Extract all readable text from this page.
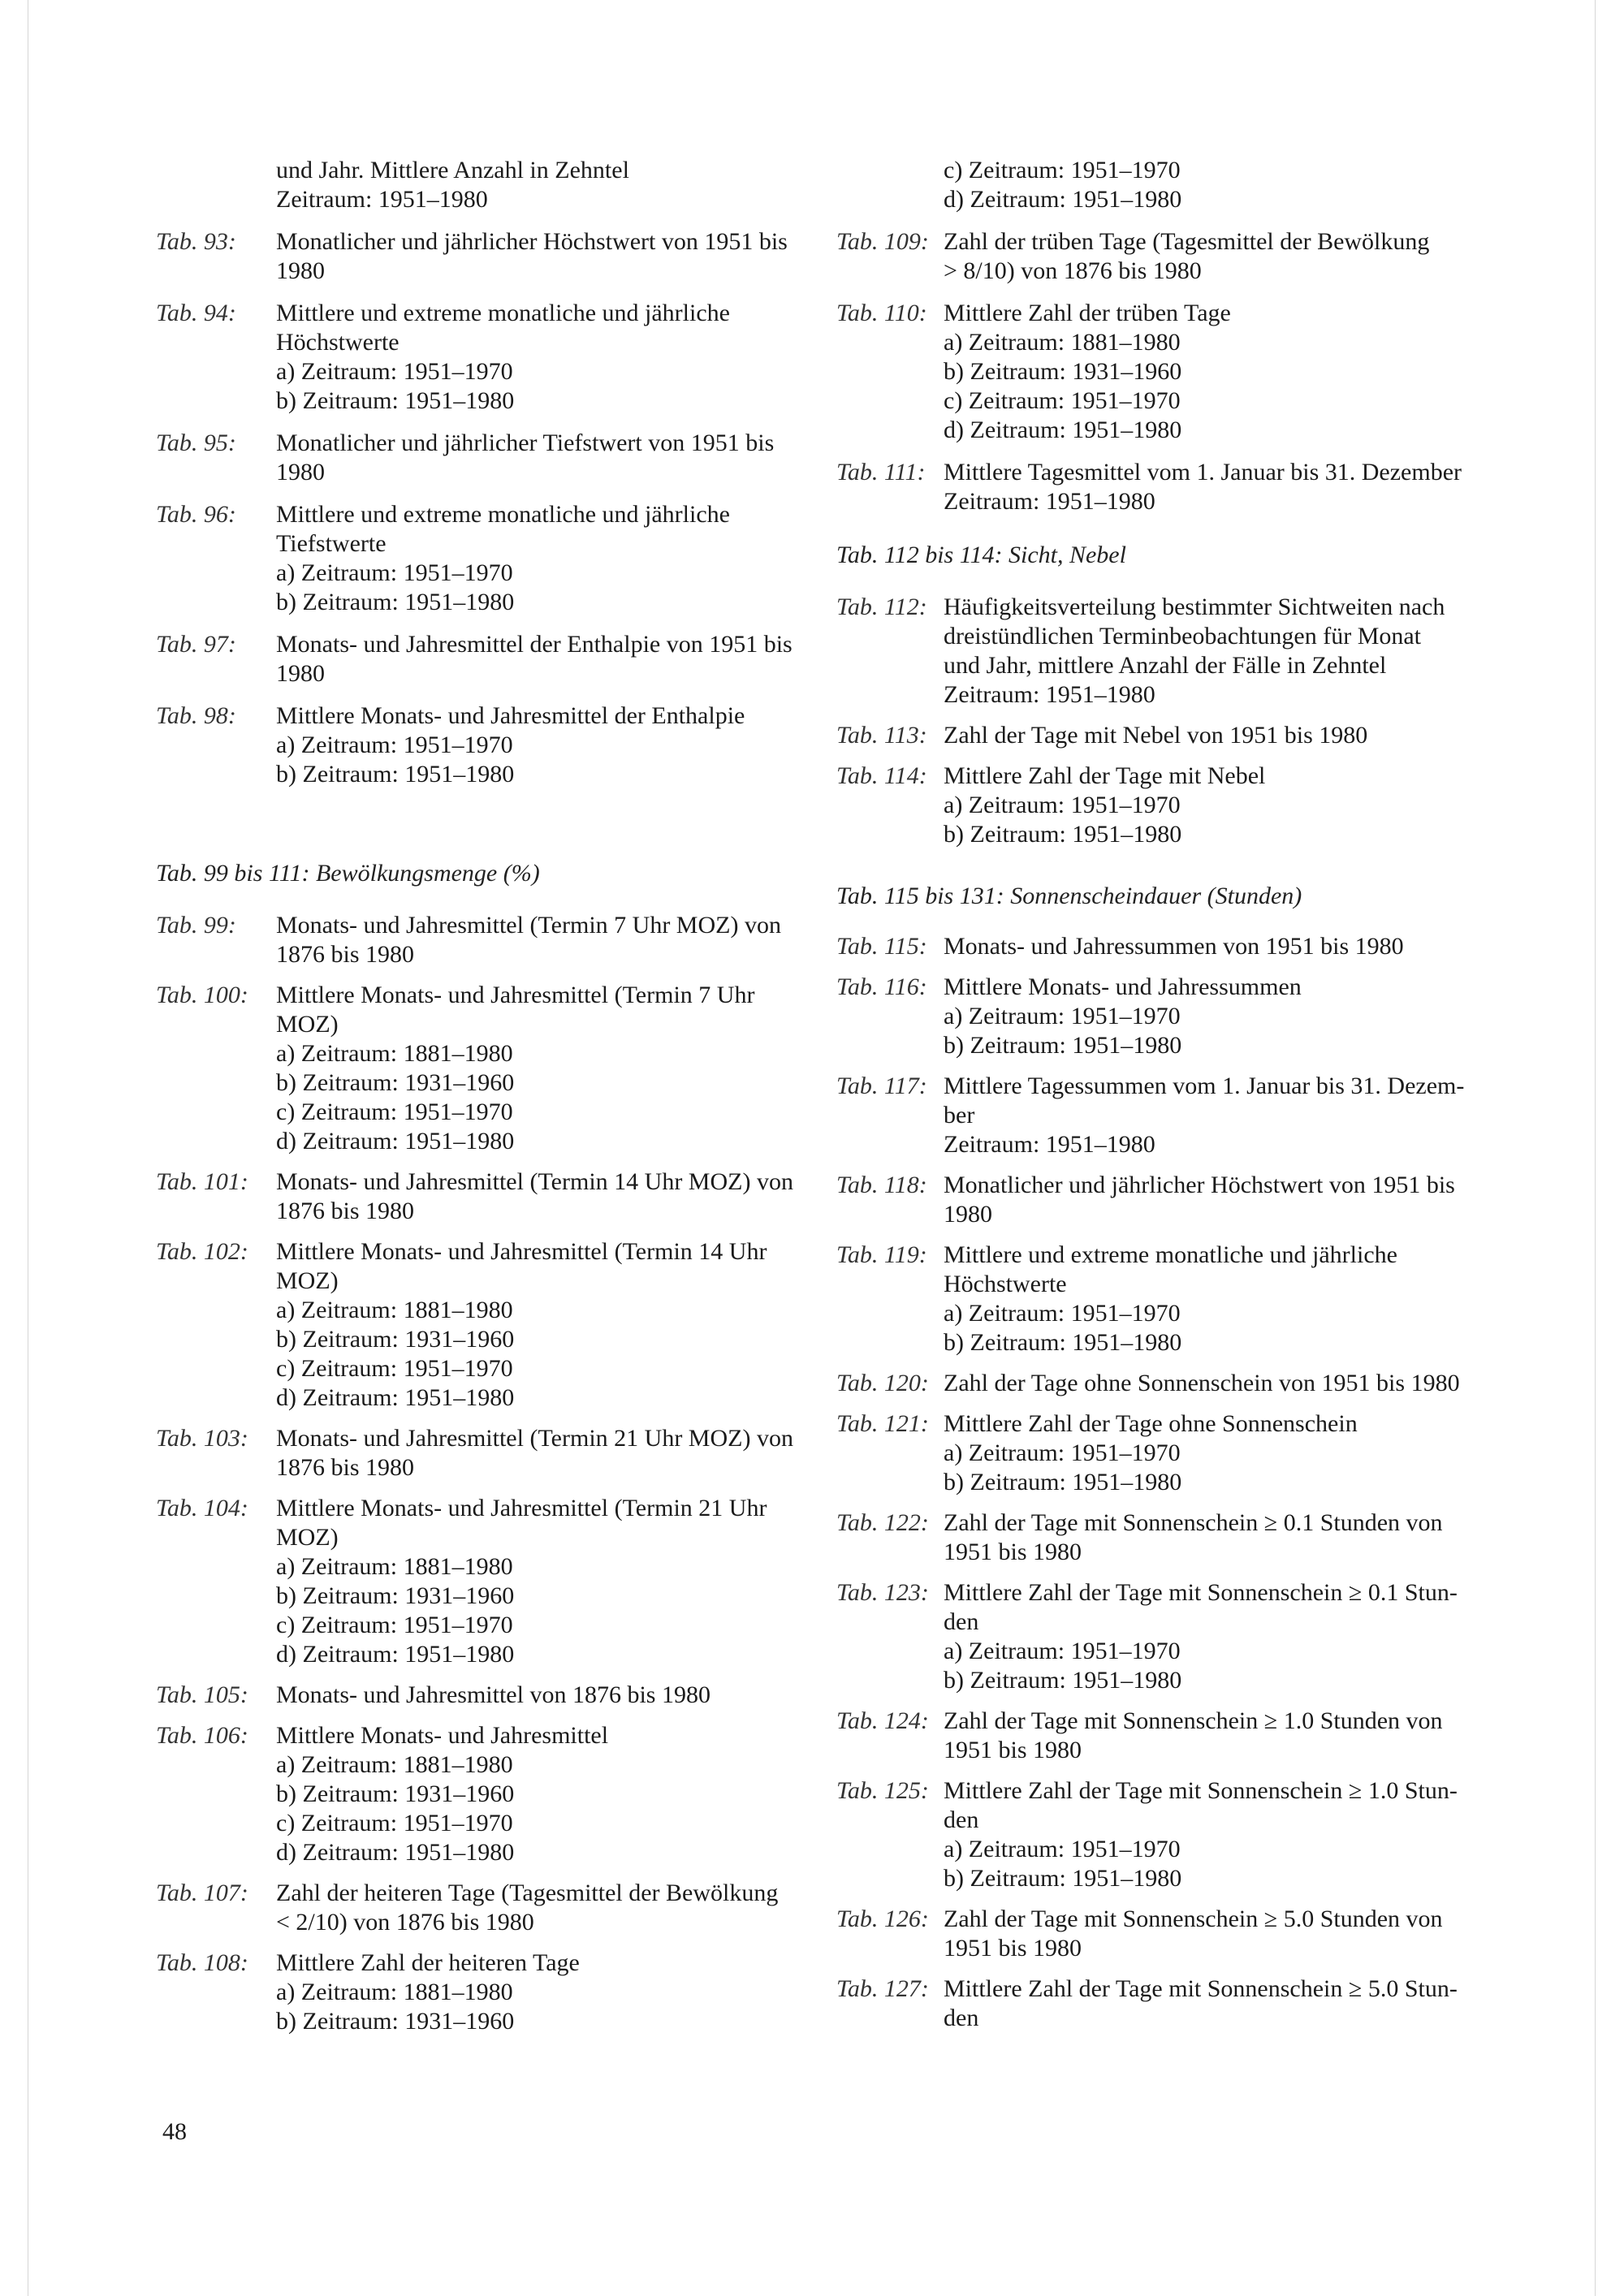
und Jahr. Mittlere Anzahl in Zehntel
Zeitraum: 1951–1980
Tab. 93:	Monatlicher und jährlicher Höchstwert von 1951 bis
1980
Tab. 94:	Mittlere und extreme monatliche und jährliche
Höchstwerte
a) Zeitraum: 1951–1970
b) Zeitraum: 1951–1980
Tab. 95:	Monatlicher und jährlicher Tiefstwert von 1951 bis
1980
Tab. 96:	Mittlere und extreme monatliche und jährliche
Tiefstwerte
a) Zeitraum: 1951–1970
b) Zeitraum: 1951–1980
Tab. 97:	Monats- und Jahresmittel der Enthalpie von 1951 bis
1980
Tab. 98:	Mittlere Monats- und Jahresmittel der Enthalpie
a) Zeitraum: 1951–1970
b) Zeitraum: 1951–1980
Tab. 99 bis 111: Bewölkungsmenge (%)
Tab. 99:	Monats- und Jahresmittel (Termin 7 Uhr MOZ) von
1876 bis 1980
Tab. 100:	Mittlere Monats- und Jahresmittel (Termin 7 Uhr
MOZ)
a) Zeitraum: 1881–1980
b) Zeitraum: 1931–1960
c) Zeitraum: 1951–1970
d) Zeitraum: 1951–1980
Tab. 101:	Monats- und Jahresmittel (Termin 14 Uhr MOZ) von
1876 bis 1980
Tab. 102:	Mittlere Monats- und Jahresmittel (Termin 14 Uhr
MOZ)
a) Zeitraum: 1881–1980
b) Zeitraum: 1931–1960
c) Zeitraum: 1951–1970
d) Zeitraum: 1951–1980
Tab. 103:	Monats- und Jahresmittel (Termin 21 Uhr MOZ) von
1876 bis 1980
Tab. 104:	Mittlere Monats- und Jahresmittel (Termin 21 Uhr
MOZ)
a) Zeitraum: 1881–1980
b) Zeitraum: 1931–1960
c) Zeitraum: 1951–1970
d) Zeitraum: 1951–1980
Tab. 105:	Monats- und Jahresmittel von 1876 bis 1980
Tab. 106:	Mittlere Monats- und Jahresmittel
a) Zeitraum: 1881–1980
b) Zeitraum: 1931–1960
c) Zeitraum: 1951–1970
d) Zeitraum: 1951–1980
Tab. 107:	Zahl der heiteren Tage (Tagesmittel der Bewölkung
< 2/10) von 1876 bis 1980
Tab. 108:	Mittlere Zahl der heiteren Tage
a) Zeitraum: 1881–1980
b) Zeitraum: 1931–1960
c) Zeitraum: 1951–1970
d) Zeitraum: 1951–1980
Tab. 109: Zahl der trüben Tage (Tagesmittel der Bewölkung
> 8/10) von 1876 bis 1980
Tab. 110: Mittlere Zahl der trüben Tage
a) Zeitraum: 1881–1980
b) Zeitraum: 1931–1960
c) Zeitraum: 1951–1970
d) Zeitraum: 1951–1980
Tab. 111: Mittlere Tagesmittel vom 1. Januar bis 31. Dezember
Zeitraum: 1951–1980
Tab. 112 bis 114: Sicht, Nebel
Tab. 112: Häufigkeitsverteilung bestimmter Sichtweiten nach
dreistündlichen Terminbeobachtungen für Monat
und Jahr, mittlere Anzahl der Fälle in Zehntel
Zeitraum: 1951–1980
Tab. 113: Zahl der Tage mit Nebel von 1951 bis 1980
Tab. 114: Mittlere Zahl der Tage mit Nebel
a) Zeitraum: 1951–1970
b) Zeitraum: 1951–1980
Tab. 115 bis 131: Sonnenscheindauer (Stunden)
Tab. 115: Monats- und Jahressummen von 1951 bis 1980
Tab. 116: Mittlere Monats- und Jahressummen
a) Zeitraum: 1951–1970
b) Zeitraum: 1951–1980
Tab. 117: Mittlere Tagessummen vom 1. Januar bis 31. Dezem-
ber
Zeitraum: 1951–1980
Tab. 118: Monatlicher und jährlicher Höchstwert von 1951 bis
1980
Tab. 119: Mittlere und extreme monatliche und jährliche
Höchstwerte
a) Zeitraum: 1951–1970
b) Zeitraum: 1951–1980
Tab. 120: Zahl der Tage ohne Sonnenschein von 1951 bis 1980
Tab. 121: Mittlere Zahl der Tage ohne Sonnenschein
a) Zeitraum: 1951–1970
b) Zeitraum: 1951–1980
Tab. 122: Zahl der Tage mit Sonnenschein ≥ 0.1 Stunden von
1951 bis 1980
Tab. 123: Mittlere Zahl der Tage mit Sonnenschein ≥ 0.1 Stun-
den
a) Zeitraum: 1951–1970
b) Zeitraum: 1951–1980
Tab. 124: Zahl der Tage mit Sonnenschein ≥ 1.0 Stunden von
1951 bis 1980
Tab. 125: Mittlere Zahl der Tage mit Sonnenschein ≥ 1.0 Stun-
den
a) Zeitraum: 1951–1970
b) Zeitraum: 1951–1980
Tab. 126: Zahl der Tage mit Sonnenschein ≥ 5.0 Stunden von
1951 bis 1980
Tab. 127: Mittlere Zahl der Tage mit Sonnenschein ≥ 5.0 Stun-
den
48
